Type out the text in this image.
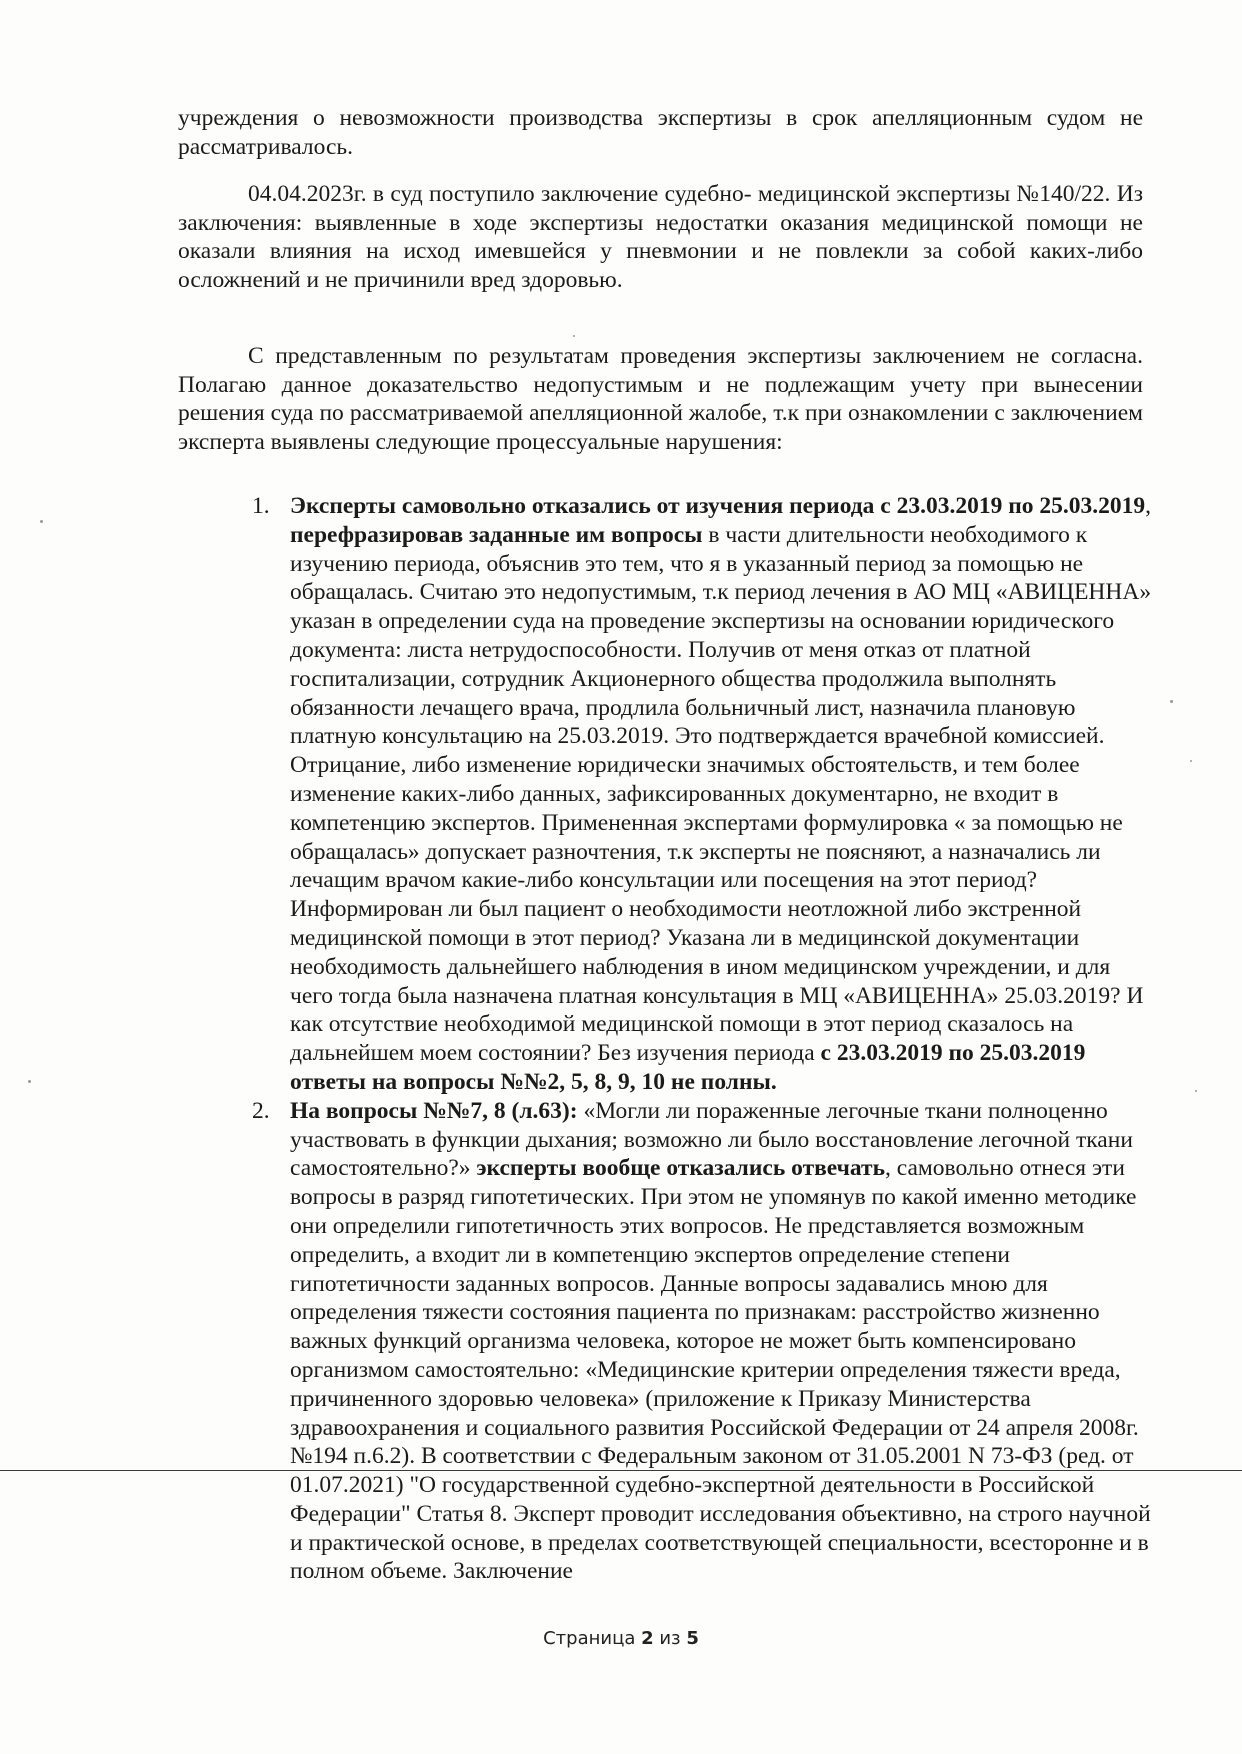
учреждения о невозможности производства экспертизы в срок апелляционным судом не рассматривалось.

04.04.2023г. в суд поступило заключение судебно- медицинской экспертизы №140/22. Из заключения: выявленные в ходе экспертизы недостатки оказания медицинской помощи не оказали влияния на исход имевшейся у пневмонии и не повлекли за собой каких-либо осложнений и не причинили вред здоровью.

С представленным по результатам проведения экспертизы заключением не согласна. Полагаю данное доказательство недопустимым и не подлежащим учету при вынесении решения суда по рассматриваемой апелляционной жалобе, т.к при ознакомлении с заключением эксперта выявлены следующие процессуальные нарушения:

1. Эксперты самовольно отказались от изучения периода с 23.03.2019 по 25.03.2019, перефразировав заданные им вопросы в части длительности необходимого к изучению периода, объяснив это тем, что я в указанный период за помощью не обращалась. Считаю это недопустимым, т.к период лечения в АО МЦ «АВИЦЕННА» указан в определении суда на проведение экспертизы на основании юридического документа: листа нетрудоспособности. Получив от меня отказ от платной госпитализации, сотрудник Акционерного общества продолжила выполнять обязанности лечащего врача, продлила больничный лист, назначила плановую платную консультацию на 25.03.2019. Это подтверждается врачебной комиссией. Отрицание, либо изменение юридически значимых обстоятельств, и тем более изменение каких-либо данных, зафиксированных документарно, не входит в компетенцию экспертов. Примененная экспертами формулировка « за помощью не обращалась» допускает разночтения, т.к эксперты не поясняют, а назначались ли лечащим врачом какие-либо консультации или посещения на этот период? Информирован ли был пациент о необходимости неотложной либо экстренной медицинской помощи в этот период? Указана ли в медицинской документации необходимость дальнейшего наблюдения в ином медицинском учреждении, и для чего тогда была назначена платная консультация в МЦ «АВИЦЕННА» 25.03.2019? И как отсутствие необходимой медицинской помощи в этот период сказалось на дальнейшем моем состоянии? Без изучения периода с 23.03.2019 по 25.03.2019 ответы на вопросы №№2, 5, 8, 9, 10 не полны.

2. На вопросы №№7, 8 (л.63): «Могли ли пораженные легочные ткани полноценно участвовать в функции дыхания; возможно ли было восстановление легочной ткани самостоятельно?» эксперты вообще отказались отвечать, самовольно отнеся эти вопросы в разряд гипотетических. При этом не упомянув по какой именно методике они определили гипотетичность этих вопросов. Не представляется возможным определить, а входит ли в компетенцию экспертов определение степени гипотетичности заданных вопросов. Данные вопросы задавались мною для определения тяжести состояния пациента по признакам: расстройство жизненно важных функций организма человека, которое не может быть компенсировано организмом самостоятельно: «Медицинские критерии определения тяжести вреда, причиненного здоровью человека» (приложение к Приказу Министерства здравоохранения и социального развития Российской Федерации от 24 апреля 2008г. №194 п.6.2). В соответствии с Федеральным законом от 31.05.2001 N 73-ФЗ (ред. от 01.07.2021) "О государственной судебно-экспертной деятельности в Российской Федерации" Статья 8. Эксперт проводит исследования объективно, на строго научной и практической основе, в пределах соответствующей специальности, всесторонне и в полном объеме. Заключение

Страница 2 из 5
